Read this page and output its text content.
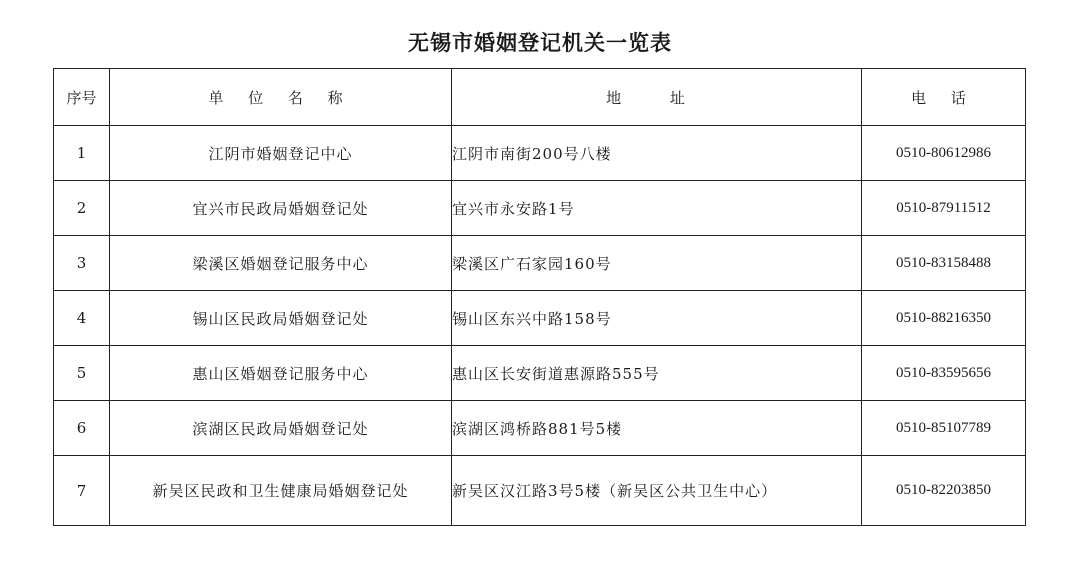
无锡市婚姻登记机关一览表
序号	单 位 名 称	地 址	电 话
1	江阴市婚姻登记中心	江阴市南街200号八楼	0510-80612986
2	宜兴市民政局婚姻登记处	宜兴市永安路1号	0510-87911512
3	梁溪区婚姻登记服务中心	梁溪区广石家园160号	0510-83158488
4	锡山区民政局婚姻登记处	锡山区东兴中路158号	0510-88216350
5	惠山区婚姻登记服务中心	惠山区长安街道惠源路555号	0510-83595656
6	滨湖区民政局婚姻登记处	滨湖区鸿桥路881号5楼	0510-85107789
7	新吴区民政和卫生健康局婚姻登记处	新吴区汉江路3号5楼（新吴区公共卫生中心）	0510-82203850
